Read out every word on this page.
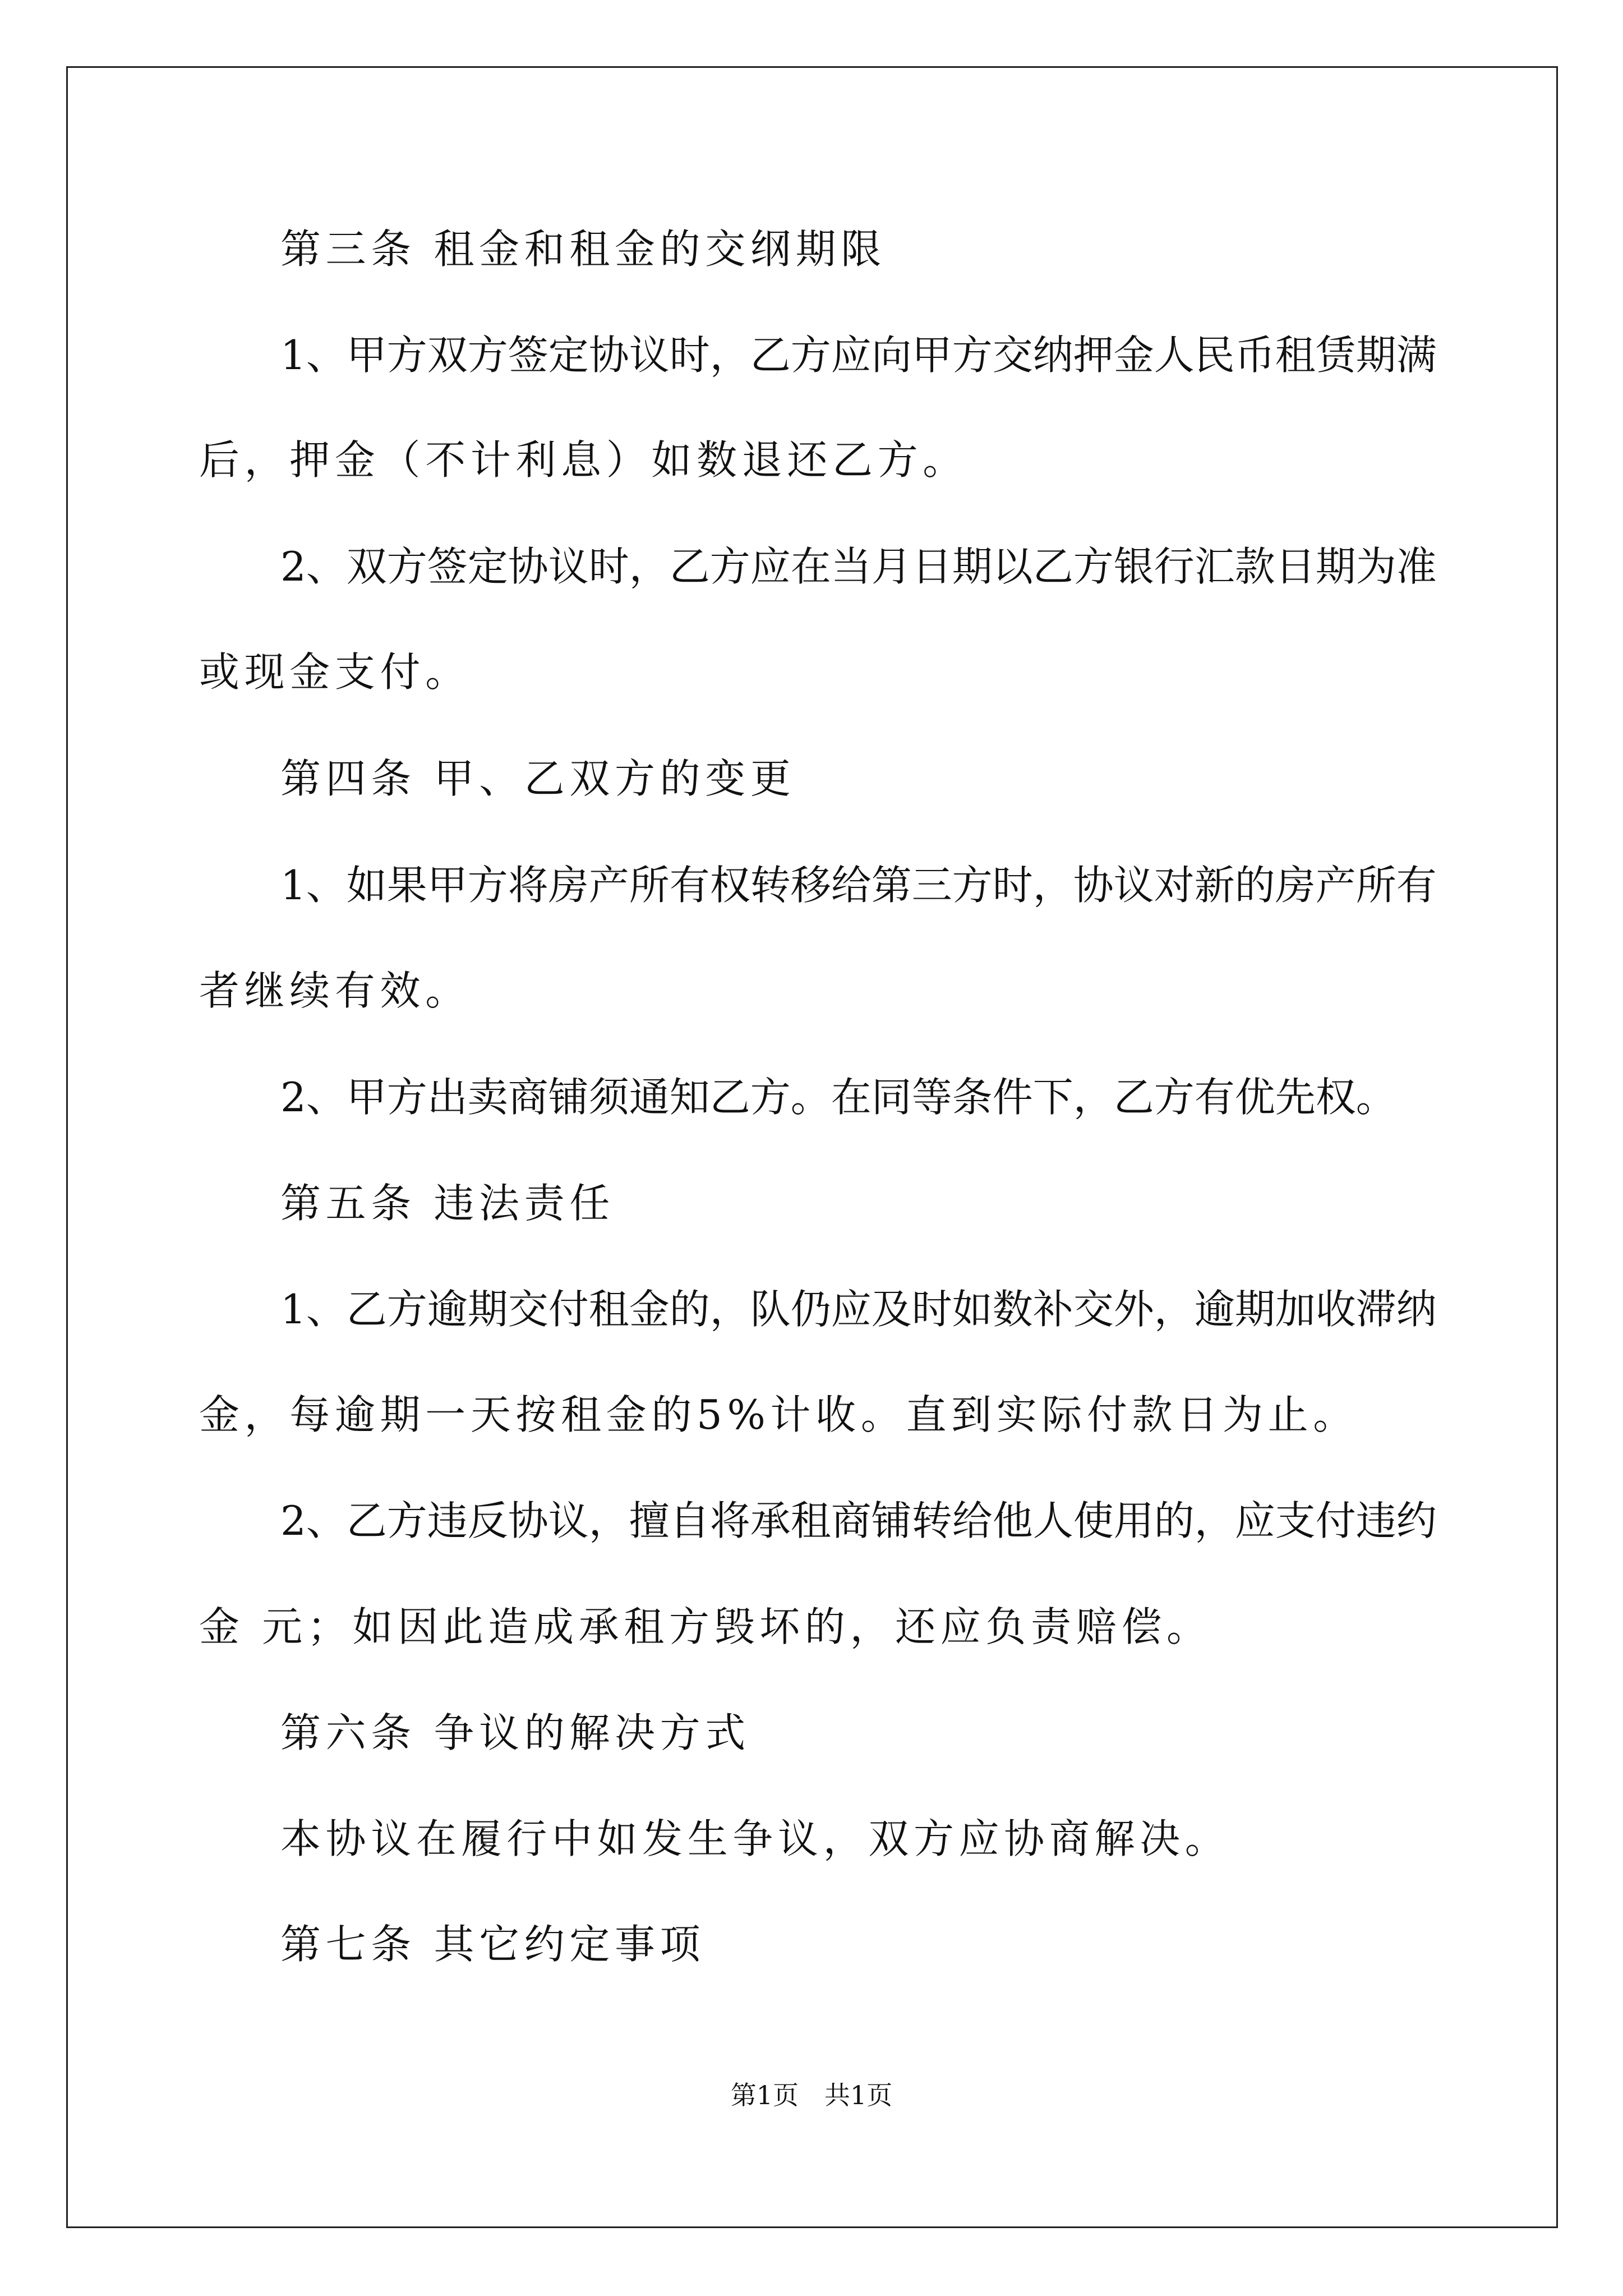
第三条 租金和租金的交纲期限
1、甲方双方签定协议时，乙方应向甲方交纳押金人民币租赁期满
后，押金（不计利息）如数退还乙方。
2、双方签定协议时，乙方应在当月日期以乙方银行汇款日期为准
或现金支付。
第四条 甲、乙双方的变更
1、如果甲方将房产所有权转移给第三方时，协议对新的房产所有
者继续有效。
2、甲方出卖商铺须通知乙方。在同等条件下，乙方有优先权。
第五条 违法责任
1、乙方逾期交付租金的，队仍应及时如数补交外，逾期加收滞纳
金，每逾期一天按租金的5%计收。直到实际付款日为止。
2、乙方违反协议，擅自将承租商铺转给他人使用的，应支付违约
金 元；如因此造成承租方毁坏的，还应负责赔偿。
第六条 争议的解决方式
本协议在履行中如发生争议，双方应协商解决。
第七条 其它约定事项
第1页　共1页
